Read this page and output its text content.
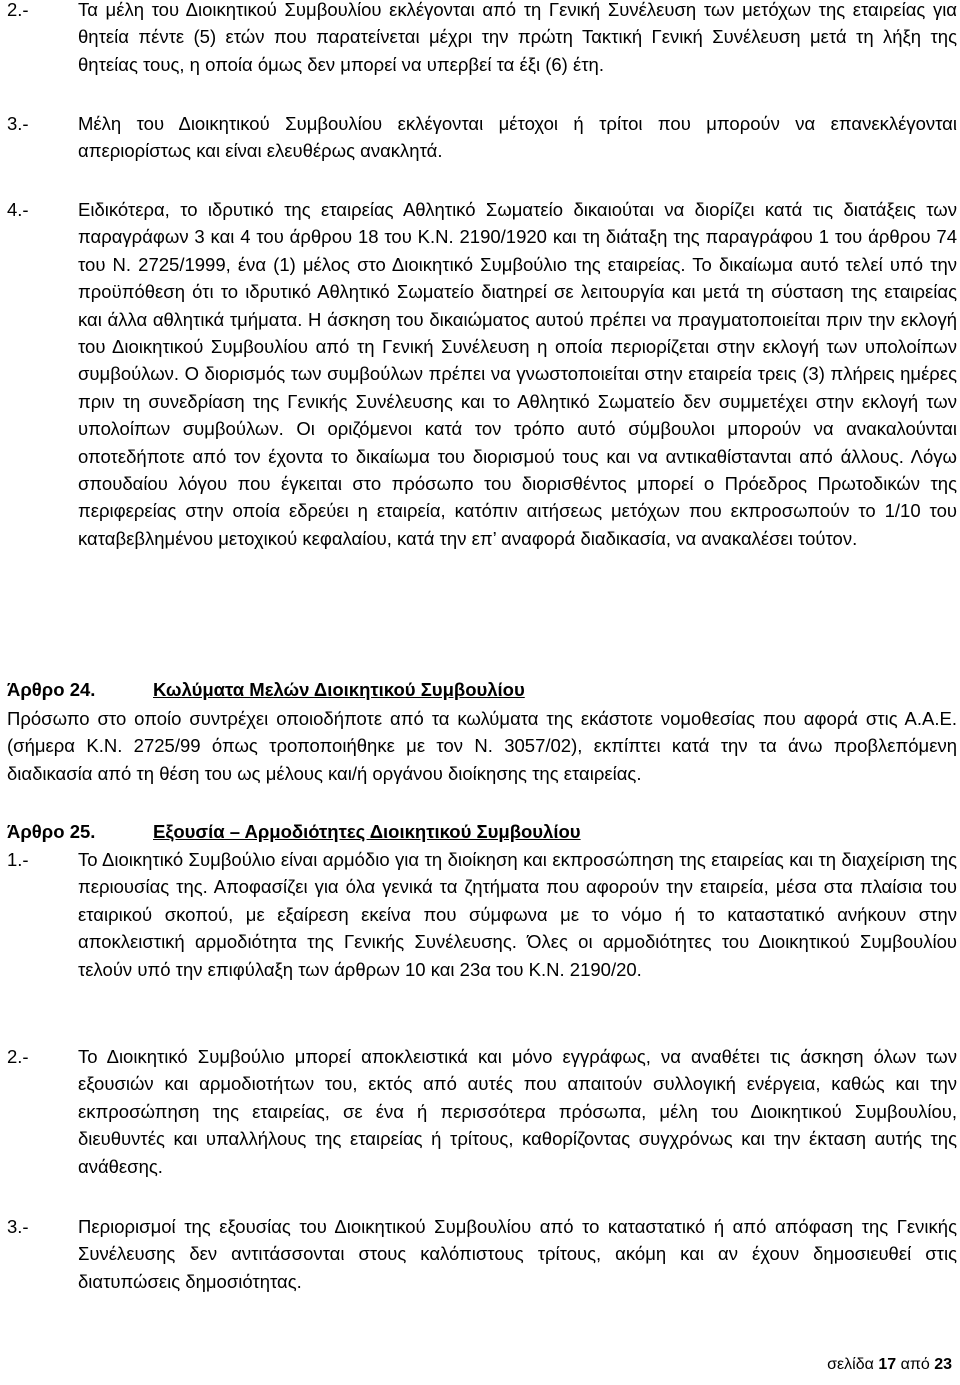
2.-	Τα μέλη του Διοικητικού Συμβουλίου εκλέγονται από τη Γενική Συνέλευση των μετόχων της εταιρείας για θητεία πέντε (5) ετών που παρατείνεται μέχρι την πρώτη Τακτική Γενική Συνέλευση μετά τη λήξη της θητείας τους, η οποία όμως δεν μπορεί να υπερβεί τα έξι (6) έτη.
3.-	Μέλη του Διοικητικού Συμβουλίου εκλέγονται μέτοχοι ή τρίτοι που μπορούν να επανεκλέγονται απεριορίστως και είναι ελευθέρως ανακλητά.
4.-	Ειδικότερα, το ιδρυτικό της εταιρείας Αθλητικό Σωματείο δικαιούται να διορίζει κατά τις διατάξεις των παραγράφων 3 και 4 του άρθρου 18 του Κ.Ν. 2190/1920 και τη διάταξη της παραγράφου 1 του άρθρου 74 του Ν. 2725/1999, ένα (1) μέλος στο Διοικητικό Συμβούλιο της εταιρείας. Το δικαίωμα αυτό τελεί υπό την προϋπόθεση ότι το ιδρυτικό Αθλητικό Σωματείο διατηρεί σε λειτουργία και μετά τη σύσταση της εταιρείας και άλλα αθλητικά τμήματα. Η άσκηση του δικαιώματος αυτού πρέπει να πραγματοποιείται πριν την εκλογή του Διοικητικού Συμβουλίου από τη Γενική Συνέλευση η οποία περιορίζεται στην εκλογή των υπολοίπων συμβούλων. Ο διορισμός των συμβούλων πρέπει να γνωστοποιείται στην εταιρεία τρεις (3) πλήρεις ημέρες πριν τη συνεδρίαση της Γενικής Συνέλευσης και το Αθλητικό Σωματείο δεν συμμετέχει στην εκλογή των υπολοίπων συμβούλων. Οι οριζόμενοι κατά τον τρόπο αυτό σύμβουλοι μπορούν να ανακαλούνται οποτεδήποτε από τον έχοντα το δικαίωμα του διορισμού τους και να αντικαθίστανται από άλλους. Λόγω σπουδαίου λόγου που έγκειται στο πρόσωπο του διορισθέντος μπορεί ο Πρόεδρος Πρωτοδικών της περιφερείας στην οποία εδρεύει η εταιρεία, κατόπιν αιτήσεως μετόχων που εκπροσωπούν το 1/10 του καταβεβλημένου μετοχικού κεφαλαίου, κατά την επ’ αναφορά διαδικασία, να ανακαλέσει τούτον.
Άρθρο 24.	Κωλύματα Μελών Διοικητικού Συμβουλίου
Πρόσωπο στο οποίο συντρέχει οποιοδήποτε από τα κωλύματα της εκάστοτε νομοθεσίας που αφορά στις Α.Α.Ε. (σήμερα Κ.Ν. 2725/99 όπως τροποποιήθηκε με τον Ν. 3057/02), εκπίπτει κατά την τα άνω προβλεπόμενη διαδικασία από τη θέση του ως μέλους και/ή οργάνου διοίκησης της εταιρείας.
Άρθρο 25.	Εξουσία – Αρμοδιότητες Διοικητικού Συμβουλίου
1.-	Το Διοικητικό Συμβούλιο είναι αρμόδιο για τη διοίκηση και εκπροσώπηση της εταιρείας και τη διαχείριση της περιουσίας της. Αποφασίζει για όλα γενικά τα ζητήματα που αφορούν την εταιρεία, μέσα στα πλαίσια του εταιρικού σκοπού, με εξαίρεση εκείνα που σύμφωνα με το νόμο ή το καταστατικό ανήκουν στην αποκλειστική αρμοδιότητα της Γενικής Συνέλευσης. Όλες οι αρμοδιότητες του Διοικητικού Συμβουλίου τελούν υπό την επιφύλαξη των άρθρων 10 και 23α του Κ.Ν. 2190/20.
2.-	Το Διοικητικό Συμβούλιο μπορεί αποκλειστικά και μόνο εγγράφως, να αναθέτει τις άσκηση όλων των εξουσιών και αρμοδιοτήτων του, εκτός από αυτές που απαιτούν συλλογική ενέργεια, καθώς και την εκπροσώπηση της εταιρείας, σε ένα ή περισσότερα πρόσωπα, μέλη του Διοικητικού Συμβουλίου, διευθυντές και υπαλλήλους της εταιρείας ή τρίτους, καθορίζοντας συγχρόνως και την έκταση αυτής της ανάθεσης.
3.-	Περιορισμοί της εξουσίας του Διοικητικού Συμβουλίου από το καταστατικό ή από απόφαση της Γενικής Συνέλευσης δεν αντιτάσσονται στους καλόπιστους τρίτους, ακόμη και αν έχουν δημοσιευθεί στις διατυπώσεις δημοσιότητας.
σελίδα 17 από 23
